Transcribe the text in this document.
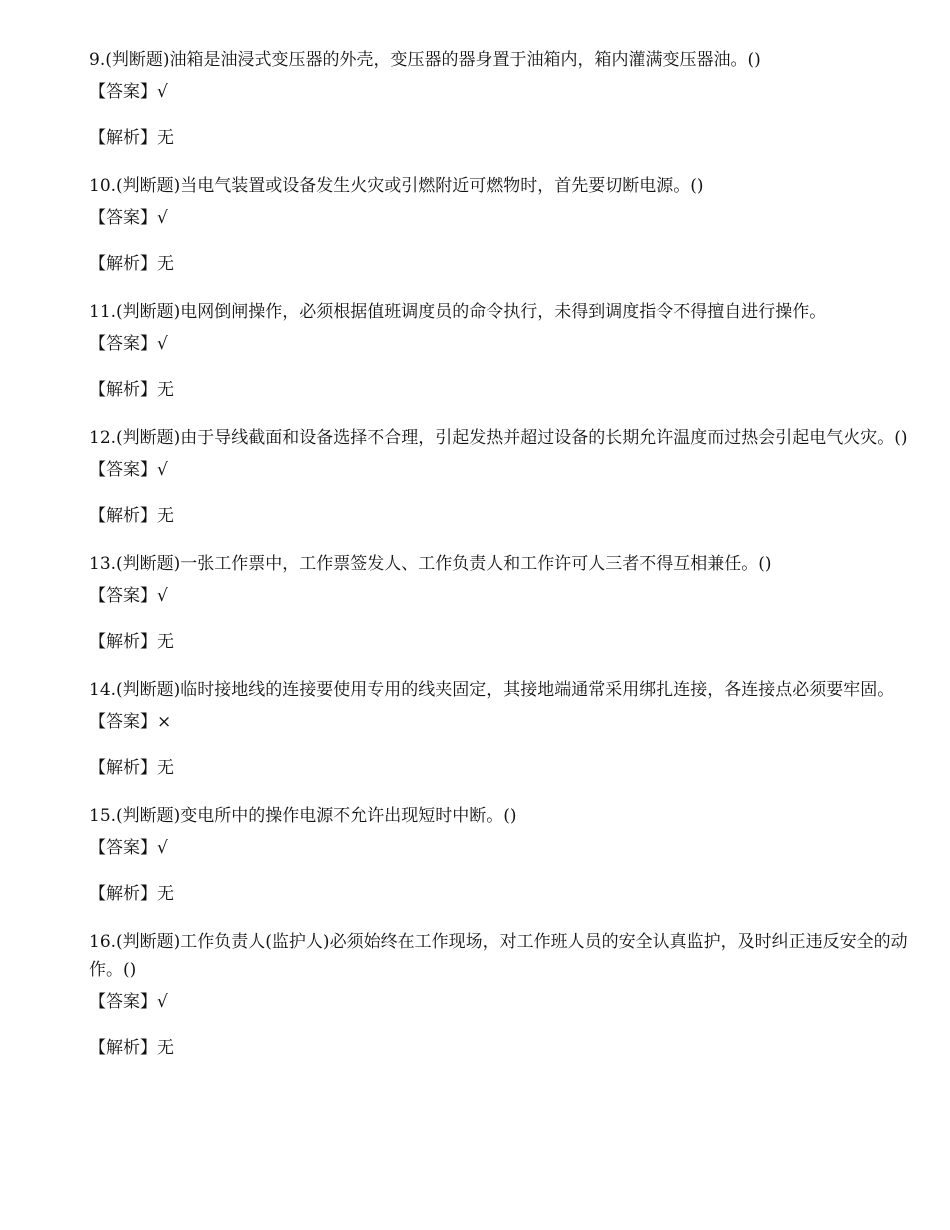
9.(判断题)油箱是油浸式变压器的外壳，变压器的器身置于油箱内，箱内灌满变压器油。()

【答案】√

【解析】无

10.(判断题)当电气装置或设备发生火灾或引燃附近可燃物时，首先要切断电源。()

【答案】√

【解析】无

11.(判断题)电网倒闸操作，必须根据值班调度员的命令执行，未得到调度指令不得擅自进行操作。

【答案】√

【解析】无

12.(判断题)由于导线截面和设备选择不合理，引起发热并超过设备的长期允许温度而过热会引起电气火灾。()

【答案】√

【解析】无

13.(判断题)一张工作票中，工作票签发人、工作负责人和工作许可人三者不得互相兼任。()

【答案】√

【解析】无

14.(判断题)临时接地线的连接要使用专用的线夹固定，其接地端通常采用绑扎连接，各连接点必须要牢固。

【答案】×

【解析】无

15.(判断题)变电所中的操作电源不允许出现短时中断。()

【答案】√

【解析】无

16.(判断题)工作负责人(监护人)必须始终在工作现场，对工作班人员的安全认真监护，及时纠正违反安全的动作。()

【答案】√

【解析】无
